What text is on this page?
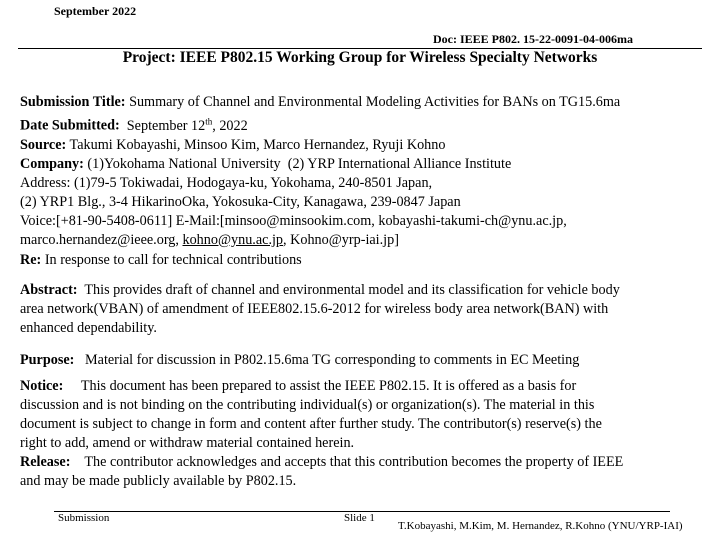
September 2022
Doc: IEEE P802. 15-22-0091-04-006ma
Project: IEEE P802.15 Working Group for Wireless Specialty Networks
Submission Title: Summary of Channel and Environmental Modeling Activities for BANs on TG15.6ma
Date Submitted: September 12th, 2022
Source: Takumi Kobayashi, Minsoo Kim, Marco Hernandez, Ryuji Kohno
Company: (1)Yokohama National University  (2) YRP International Alliance Institute
Address: (1)79-5 Tokiwadai, Hodogaya-ku, Yokohama, 240-8501 Japan,
(2) YRP1 Blg., 3-4 HikarinoOka, Yokosuka-City, Kanagawa, 239-0847 Japan
Voice:[+81-90-5408-0611] E-Mail:[minsoo@minsookim.com, kobayashi-takumi-ch@ynu.ac.jp,
marco.hernandez@ieee.org, kohno@ynu.ac.jp, Kohno@yrp-iai.jp]
Re: In response to call for technical contributions
Abstract: This provides draft of channel and environmental model and its classification for vehicle body
area network(VBAN) of amendment of IEEE802.15.6-2012 for wireless body area network(BAN) with
enhanced dependability.
Purpose: Material for discussion in P802.15.6ma TG corresponding to comments in EC Meeting
Notice: This document has been prepared to assist the IEEE P802.15. It is offered as a basis for
discussion and is not binding on the contributing individual(s) or organization(s). The material in this
document is subject to change in form and content after further study. The contributor(s) reserve(s) the
right to add, amend or withdraw material contained herein.
Release: The contributor acknowledges and accepts that this contribution becomes the property of IEEE
and may be made publicly available by P802.15.
Submission	Slide 1
T.Kobayashi, M.Kim, M. Hernandez, R.Kohno (YNU/YRP-IAI)
